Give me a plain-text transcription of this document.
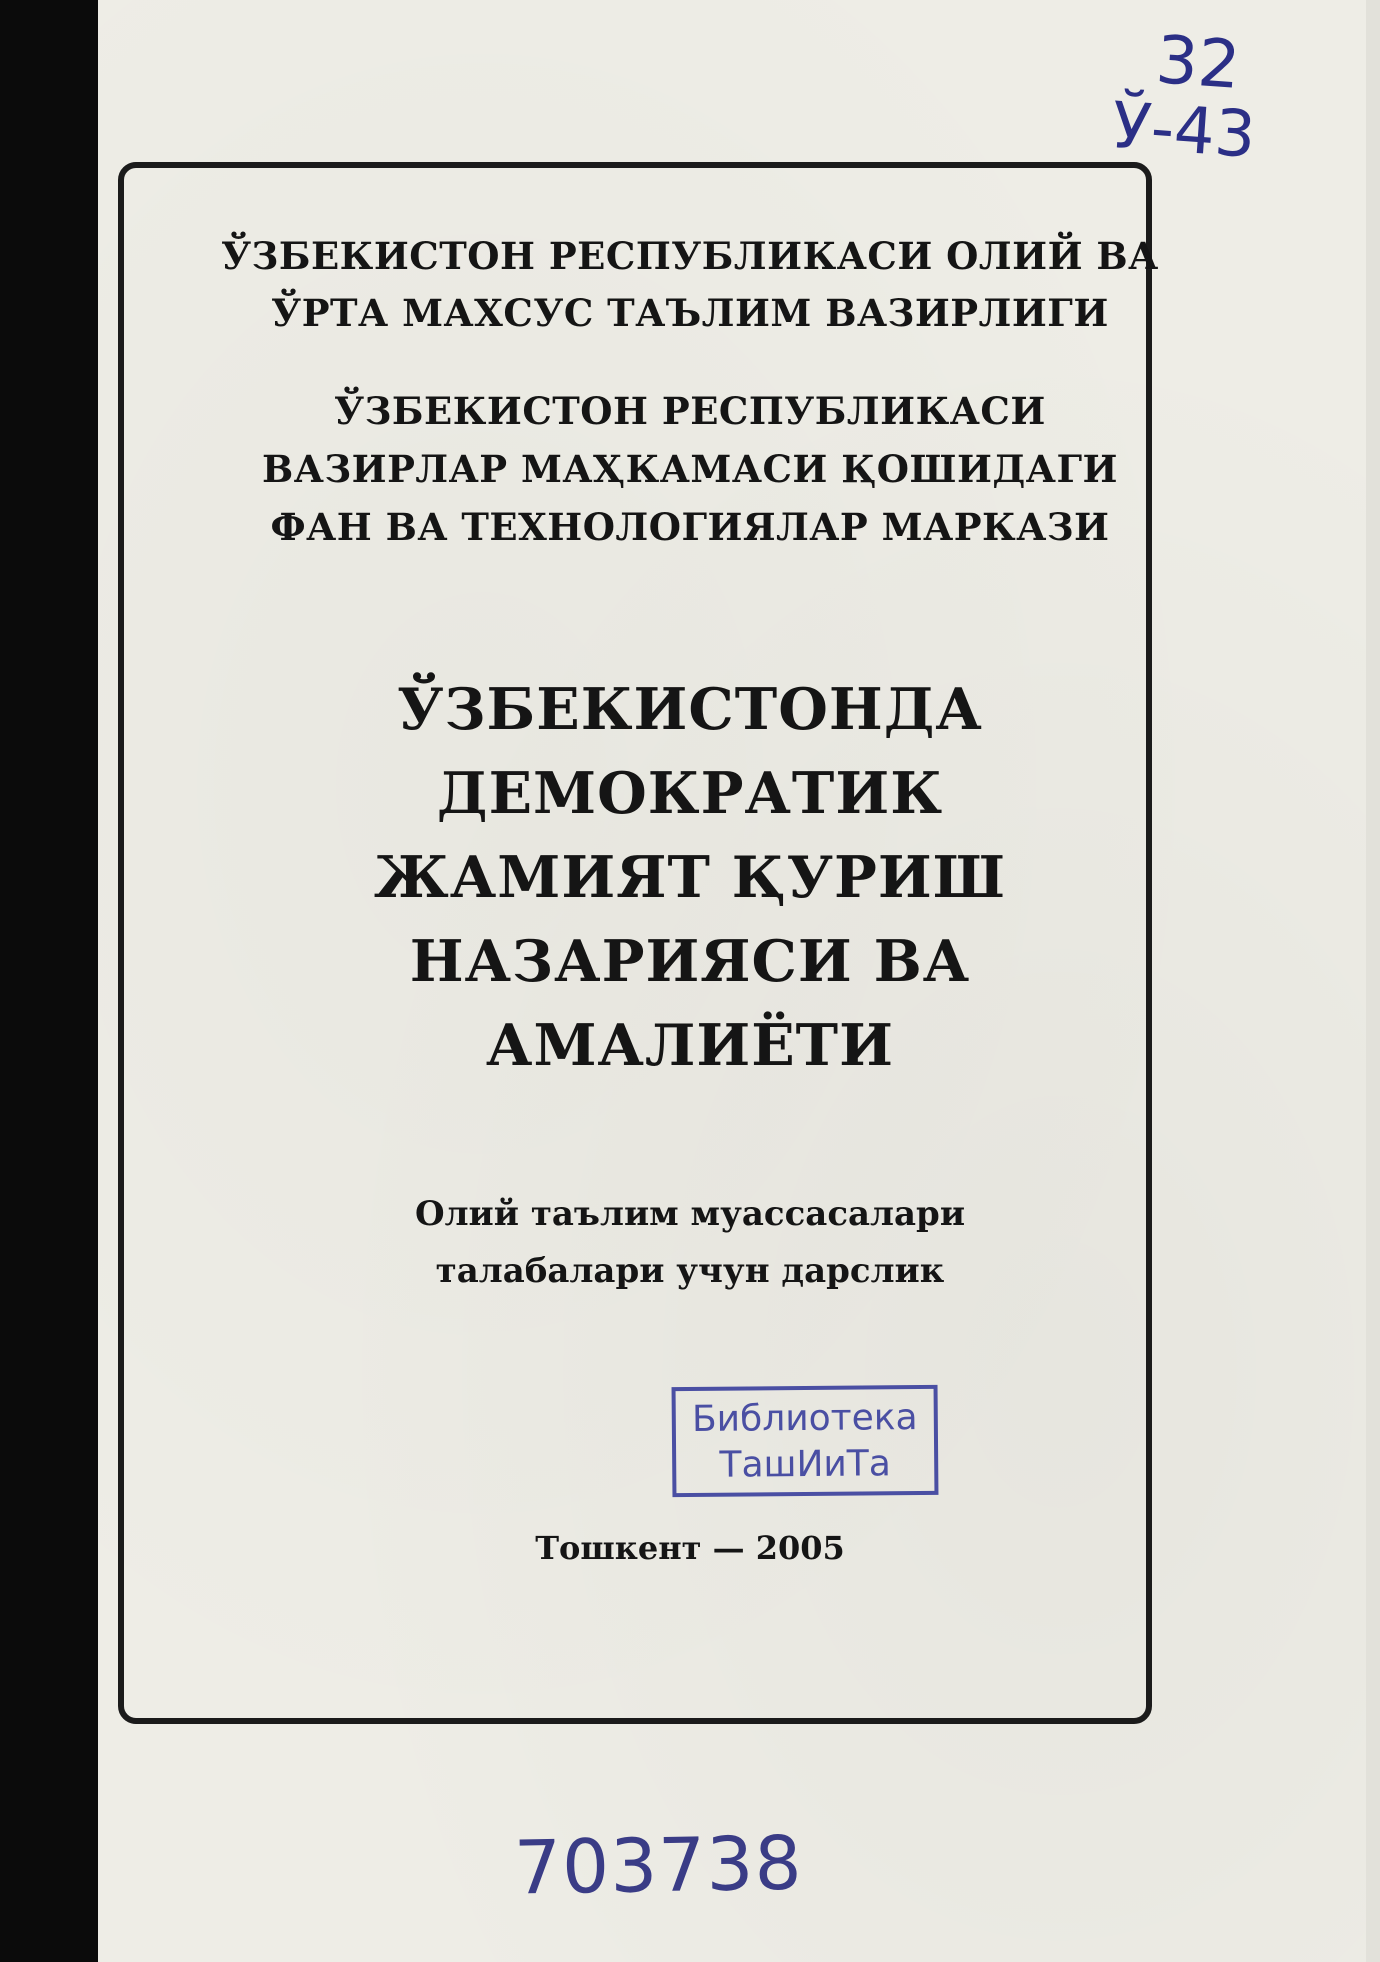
ЎЗБЕКИСТОН РЕСПУБЛИКАСИ ОЛИЙ ВА
ЎРТА МАХСУС ТАЪЛИМ ВАЗИРЛИГИ
ЎЗБЕКИСТОН РЕСПУБЛИКАСИ
ВАЗИРЛАР МАҲКАМАСИ ҚОШИДАГИ
ФАН ВА ТЕХНОЛОГИЯЛАР МАРКАЗИ
ЎЗБЕКИСТОНДА
ДЕМОКРАТИК
ЖАМИЯТ ҚУРИШ
НАЗАРИЯСИ ВА
АМАЛИЁТИ

Олий таълим муассасалари
талабалари учун дарслик

Библиотека
ТашИиТа

Тошкент — 2005

32

Ў-43

703738
